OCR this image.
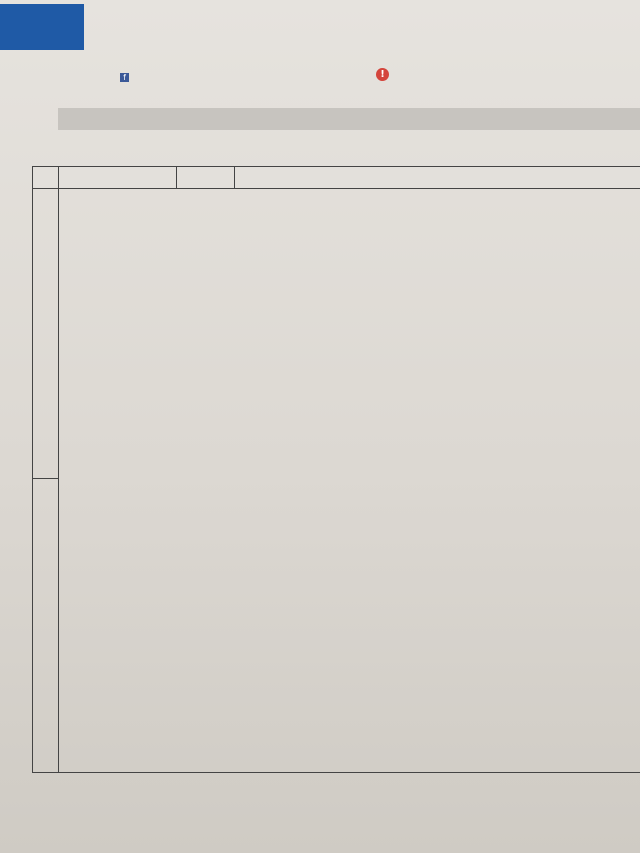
f	!
